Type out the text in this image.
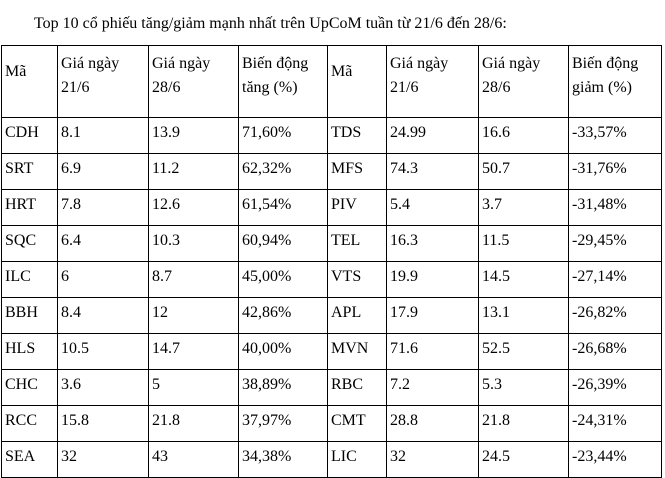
Top 10 cổ phiếu tăng/giảm mạnh nhất trên UpCoM tuần từ 21/6 đến 28/6:
Mã	Giá ngày 21/6	Giá ngày 28/6	Biến động tăng (%)	Mã	Giá ngày 21/6	Giá ngày 28/6	Biến động giảm (%)
CDH	8.1	13.9	71,60%	TDS	24.99	16.6	-33,57%
SRT	6.9	11.2	62,32%	MFS	74.3	50.7	-31,76%
HRT	7.8	12.6	61,54%	PIV	5.4	3.7	-31,48%
SQC	6.4	10.3	60,94%	TEL	16.3	11.5	-29,45%
ILC	6	8.7	45,00%	VTS	19.9	14.5	-27,14%
BBH	8.4	12	42,86%	APL	17.9	13.1	-26,82%
HLS	10.5	14.7	40,00%	MVN	71.6	52.5	-26,68%
CHC	3.6	5	38,89%	RBC	7.2	5.3	-26,39%
RCC	15.8	21.8	37,97%	CMT	28.8	21.8	-24,31%
SEA	32	43	34,38%	LIC	32	24.5	-23,44%
